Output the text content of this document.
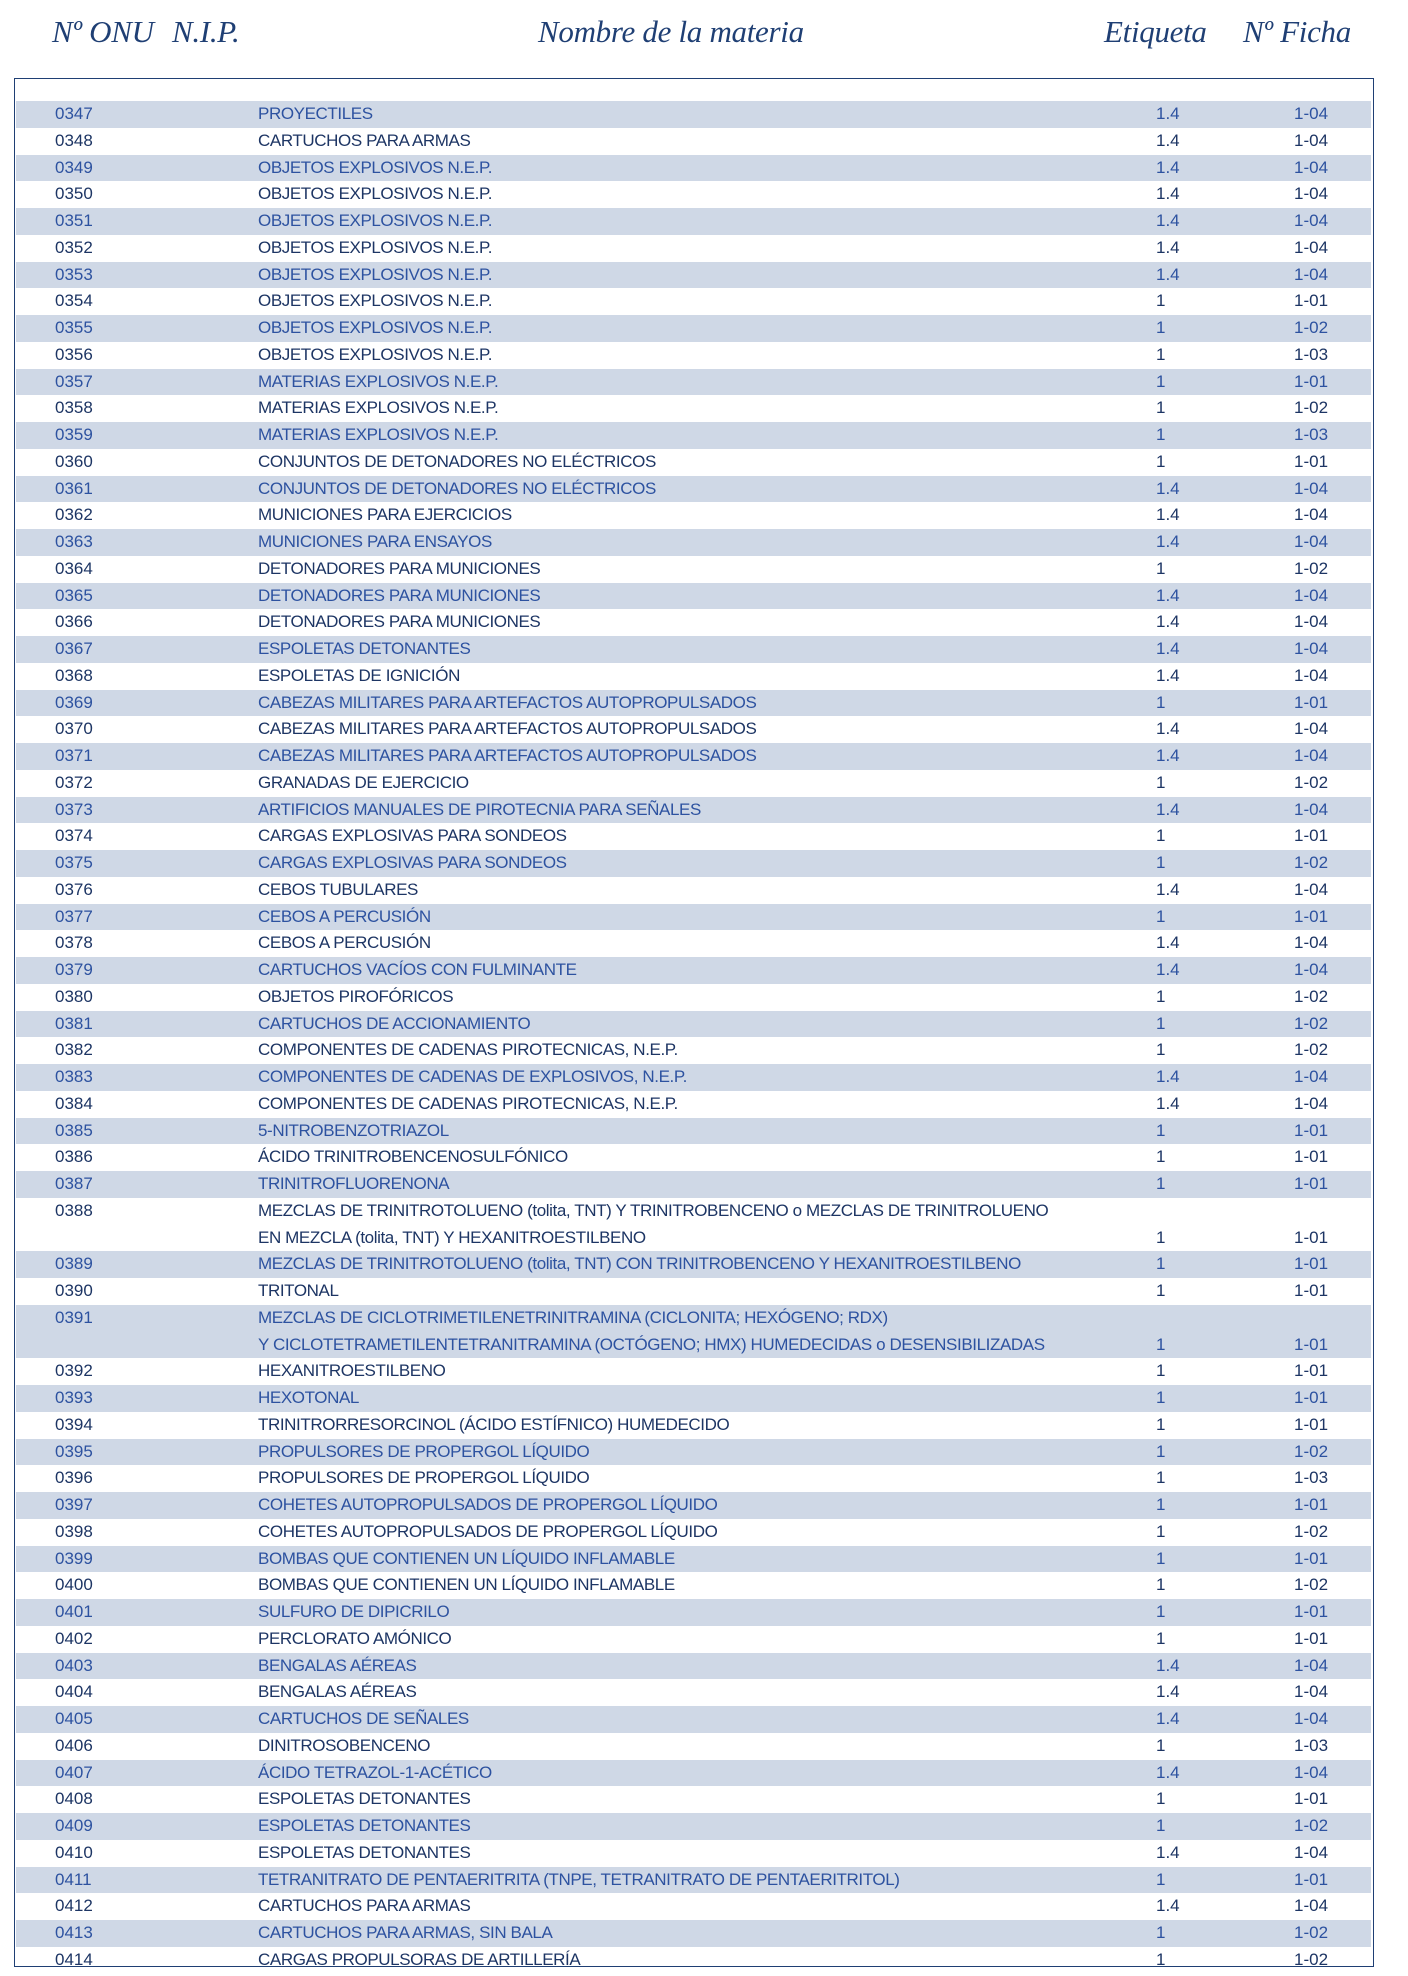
Nº ONU N.I.P.	Nombre de la materia	Etiqueta Nº Ficha
0347	PROYECTILES	1.4	1-04
0348	CARTUCHOS PARA ARMAS	1.4	1-04
0349	OBJETOS EXPLOSIVOS N.E.P.	1.4	1-04
0350	OBJETOS EXPLOSIVOS N.E.P.	1.4	1-04
0351	OBJETOS EXPLOSIVOS N.E.P.	1.4	1-04
0352	OBJETOS EXPLOSIVOS N.E.P.	1.4	1-04
0353	OBJETOS EXPLOSIVOS N.E.P.	1.4	1-04
0354	OBJETOS EXPLOSIVOS N.E.P.	1	1-01
0355	OBJETOS EXPLOSIVOS N.E.P.	1	1-02
0356	OBJETOS EXPLOSIVOS N.E.P.	1	1-03
0357	MATERIAS EXPLOSIVOS N.E.P.	1	1-01
0358	MATERIAS EXPLOSIVOS N.E.P.	1	1-02
0359	MATERIAS EXPLOSIVOS N.E.P.	1	1-03
0360	CONJUNTOS DE DETONADORES NO ELÉCTRICOS	1	1-01
0361	CONJUNTOS DE DETONADORES NO ELÉCTRICOS	1.4	1-04
0362	MUNICIONES PARA EJERCICIOS	1.4	1-04
0363	MUNICIONES PARA ENSAYOS	1.4	1-04
0364	DETONADORES PARA MUNICIONES	1	1-02
0365	DETONADORES PARA MUNICIONES	1.4	1-04
0366	DETONADORES PARA MUNICIONES	1.4	1-04
0367	ESPOLETAS DETONANTES	1.4	1-04
0368	ESPOLETAS DE IGNICIÓN	1.4	1-04
0369	CABEZAS MILITARES PARA ARTEFACTOS AUTOPROPULSADOS	1	1-01
0370	CABEZAS MILITARES PARA ARTEFACTOS AUTOPROPULSADOS	1.4	1-04
0371	CABEZAS MILITARES PARA ARTEFACTOS AUTOPROPULSADOS	1.4	1-04
0372	GRANADAS DE EJERCICIO	1	1-02
0373	ARTIFICIOS MANUALES DE PIROTECNIA PARA SEÑALES	1.4	1-04
0374	CARGAS EXPLOSIVAS PARA SONDEOS	1	1-01
0375	CARGAS EXPLOSIVAS PARA SONDEOS	1	1-02
0376	CEBOS TUBULARES	1.4	1-04
0377	CEBOS A PERCUSIÓN	1	1-01
0378	CEBOS A PERCUSIÓN	1.4	1-04
0379	CARTUCHOS VACÍOS CON FULMINANTE	1.4	1-04
0380	OBJETOS PIROFÓRICOS	1	1-02
0381	CARTUCHOS DE ACCIONAMIENTO	1	1-02
0382	COMPONENTES DE CADENAS PIROTECNICAS, N.E.P.	1	1-02
0383	COMPONENTES DE CADENAS DE EXPLOSIVOS, N.E.P.	1.4	1-04
0384	COMPONENTES DE CADENAS PIROTECNICAS, N.E.P.	1.4	1-04
0385	5-NITROBENZOTRIAZOL	1	1-01
0386	ÁCIDO TRINITROBENCENOSULFÓNICO	1	1-01
0387	TRINITROFLUORENONA	1	1-01
0388	MEZCLAS DE TRINITROTOLUENO (tolita, TNT) Y TRINITROBENCENO o MEZCLAS DE TRINITROLUENO
EN MEZCLA (tolita, TNT) Y HEXANITROESTILBENO	1	1-01
0389	MEZCLAS DE TRINITROTOLUENO (tolita, TNT) CON TRINITROBENCENO Y HEXANITROESTILBENO	1	1-01
0390	TRITONAL	1	1-01
0391	MEZCLAS DE CICLOTRIMETILENETRINITRAMINA (CICLONITA; HEXÓGENO; RDX)
Y CICLOTETRAMETILENTETRANITRAMINA (OCTÓGENO; HMX) HUMEDECIDAS o DESENSIBILIZADAS	1	1-01
0392	HEXANITROESTILBENO	1	1-01
0393	HEXOTONAL	1	1-01
0394	TRINITRORRESORCINOL (ÁCIDO ESTÍFNICO) HUMEDECIDO	1	1-01
0395	PROPULSORES DE PROPERGOL LÍQUIDO	1	1-02
0396	PROPULSORES DE PROPERGOL LÍQUIDO	1	1-03
0397	COHETES AUTOPROPULSADOS DE PROPERGOL LÍQUIDO	1	1-01
0398	COHETES AUTOPROPULSADOS DE PROPERGOL LÍQUIDO	1	1-02
0399	BOMBAS QUE CONTIENEN UN LÍQUIDO INFLAMABLE	1	1-01
0400	BOMBAS QUE CONTIENEN UN LÍQUIDO INFLAMABLE	1	1-02
0401	SULFURO DE DIPICRILO	1	1-01
0402	PERCLORATO AMÓNICO	1	1-01
0403	BENGALAS AÉREAS	1.4	1-04
0404	BENGALAS AÉREAS	1.4	1-04
0405	CARTUCHOS DE SEÑALES	1.4	1-04
0406	DINITROSOBENCENO	1	1-03
0407	ÁCIDO TETRAZOL-1-ACÉTICO	1.4	1-04
0408	ESPOLETAS DETONANTES	1	1-01
0409	ESPOLETAS DETONANTES	1	1-02
0410	ESPOLETAS DETONANTES	1.4	1-04
0411	TETRANITRATO DE PENTAERITRITA (TNPE, TETRANITRATO DE PENTAERITRITOL)	1	1-01
0412	CARTUCHOS PARA ARMAS	1.4	1-04
0413	CARTUCHOS PARA ARMAS, SIN BALA	1	1-02
0414	CARGAS PROPULSORAS DE ARTILLERÍA	1	1-02
